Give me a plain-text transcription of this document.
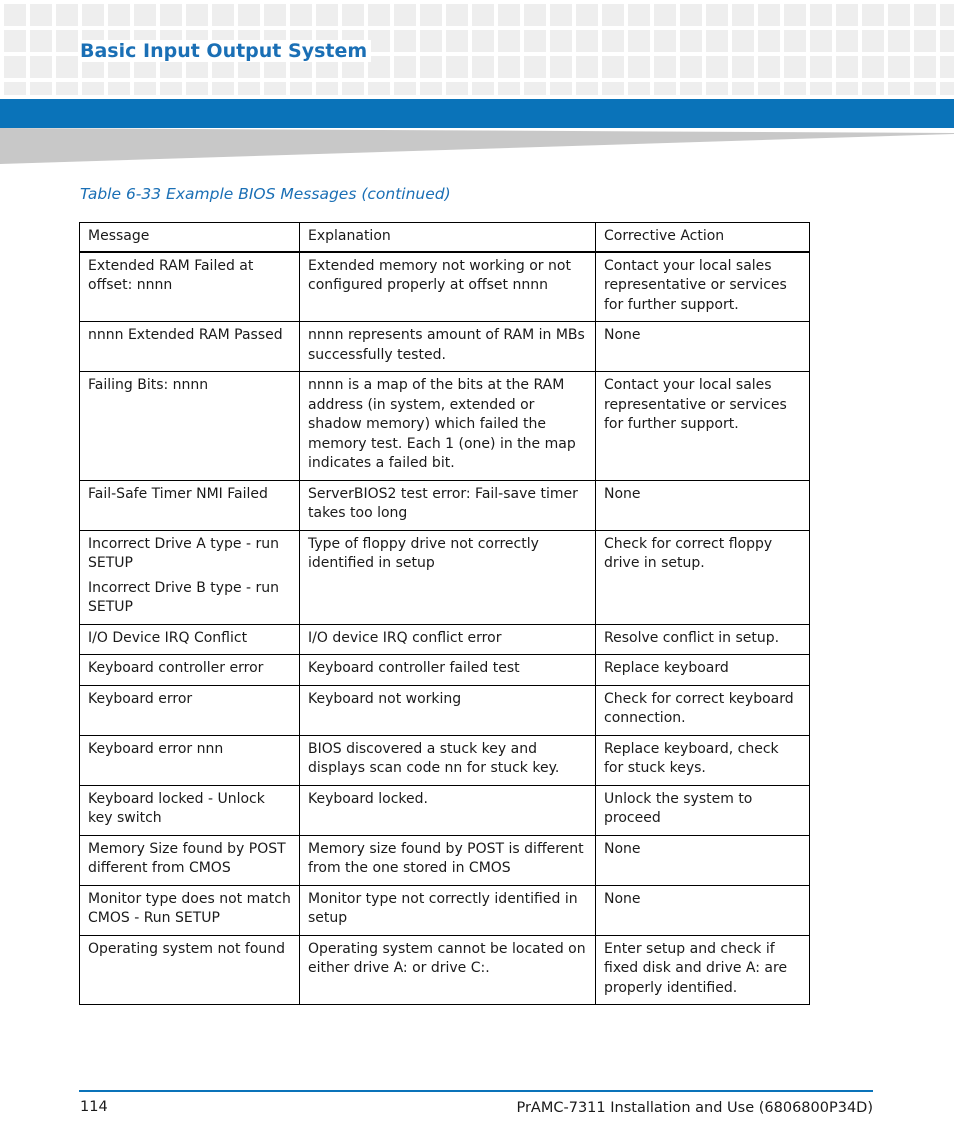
Basic Input Output System
Table 6-33 Example BIOS Messages (continued)
Message	Explanation	Corrective Action

Extended RAM Failed at offset: nnnn	Extended memory not working or not configured properly at offset nnnn	Contact your local sales representative or services for further support.

nnnn Extended RAM Passed	nnnn represents amount of RAM in MBs successfully tested.	None

Failing Bits: nnnn	nnnn is a map of the bits at the RAM address (in system, extended or shadow memory) which failed the memory test. Each 1 (one) in the map indicates a failed bit.	Contact your local sales representative or services for further support.

Fail-Safe Timer NMI Failed	ServerBIOS2 test error: Fail-save timer takes too long	None

Incorrect Drive A type - run SETUP
Incorrect Drive B type - run SETUP	Type of floppy drive not correctly identified in setup	Check for correct floppy drive in setup.

I/O Device IRQ Conflict	I/O device IRQ conflict error	Resolve conflict in setup.

Keyboard controller error	Keyboard controller failed test	Replace keyboard

Keyboard error	Keyboard not working	Check for correct keyboard connection.

Keyboard error nnn	BIOS discovered a stuck key and displays scan code nn for stuck key.	Replace keyboard, check for stuck keys.

Keyboard locked - Unlock key switch	Keyboard locked.	Unlock the system to proceed

Memory Size found by POST different from CMOS	Memory size found by POST is different from the one stored in CMOS	None

Monitor type does not match CMOS - Run SETUP	Monitor type not correctly identified in setup	None

Operating system not found	Operating system cannot be located on either drive A: or drive C:.	Enter setup and check if fixed disk and drive A: are properly identified.
114	PrAMC-7311 Installation and Use (6806800P34D)
